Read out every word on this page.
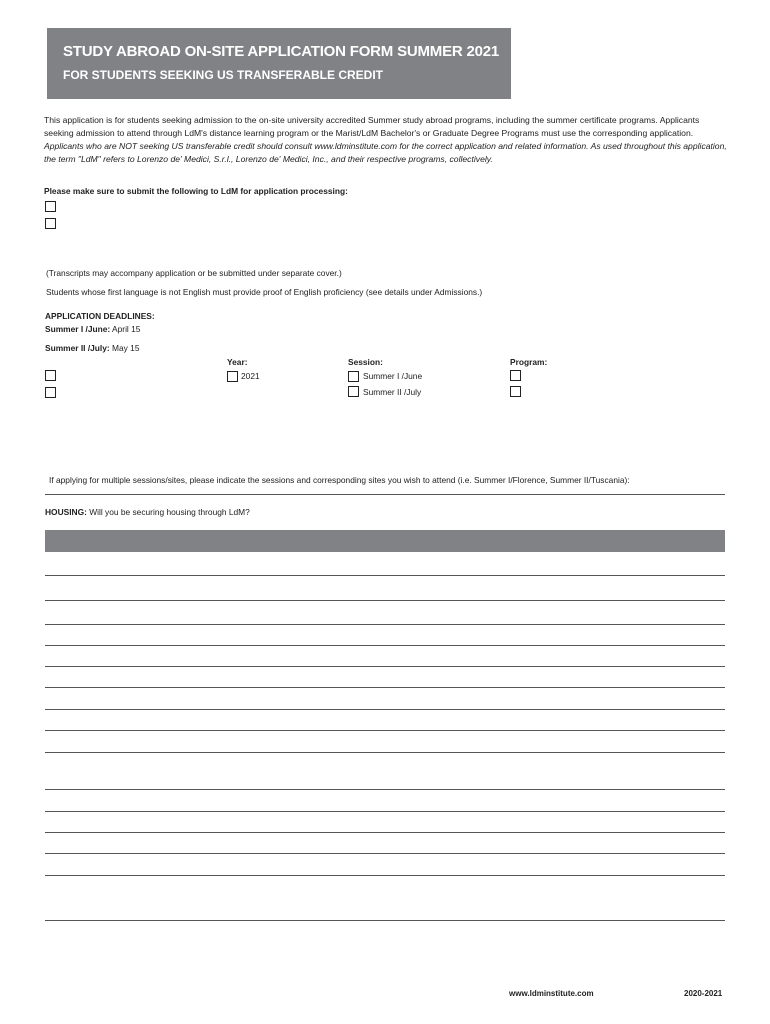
STUDY ABROAD ON-SITE APPLICATION FORM SUMMER 2021
FOR STUDENTS SEEKING US TRANSFERABLE CREDIT
This application is for students seeking admission to the on-site university accredited Summer study abroad programs, including the summer certificate programs. Applicants seeking admission to attend through LdM's distance learning program or the Marist/LdM Bachelor's or Graduate Degree Programs must use the corresponding application. Applicants who are NOT seeking US transferable credit should consult www.ldminstitute.com for the correct application and related information. As used throughout this application, the term "LdM" refers to Lorenzo de' Medici, S.r.l., Lorenzo de' Medici, Inc., and their respective programs, collectively.
Please make sure to submit the following to LdM for application processing:
(Transcripts may accompany application or be submitted under separate cover.)
Students whose first language is not English must provide proof of English proficiency (see details under Admissions.)
APPLICATION DEADLINES:
Summer I /June: April 15
Summer II /July: May 15
Year:
2021
Session:
Summer I /June
Summer II /July
Program:
If applying for multiple sessions/sites, please indicate the sessions and corresponding sites you wish to attend (i.e. Summer I/Florence, Summer II/Tuscania):
HOUSING: Will you be securing housing through LdM?
www.ldminstitute.com	2020-2021
